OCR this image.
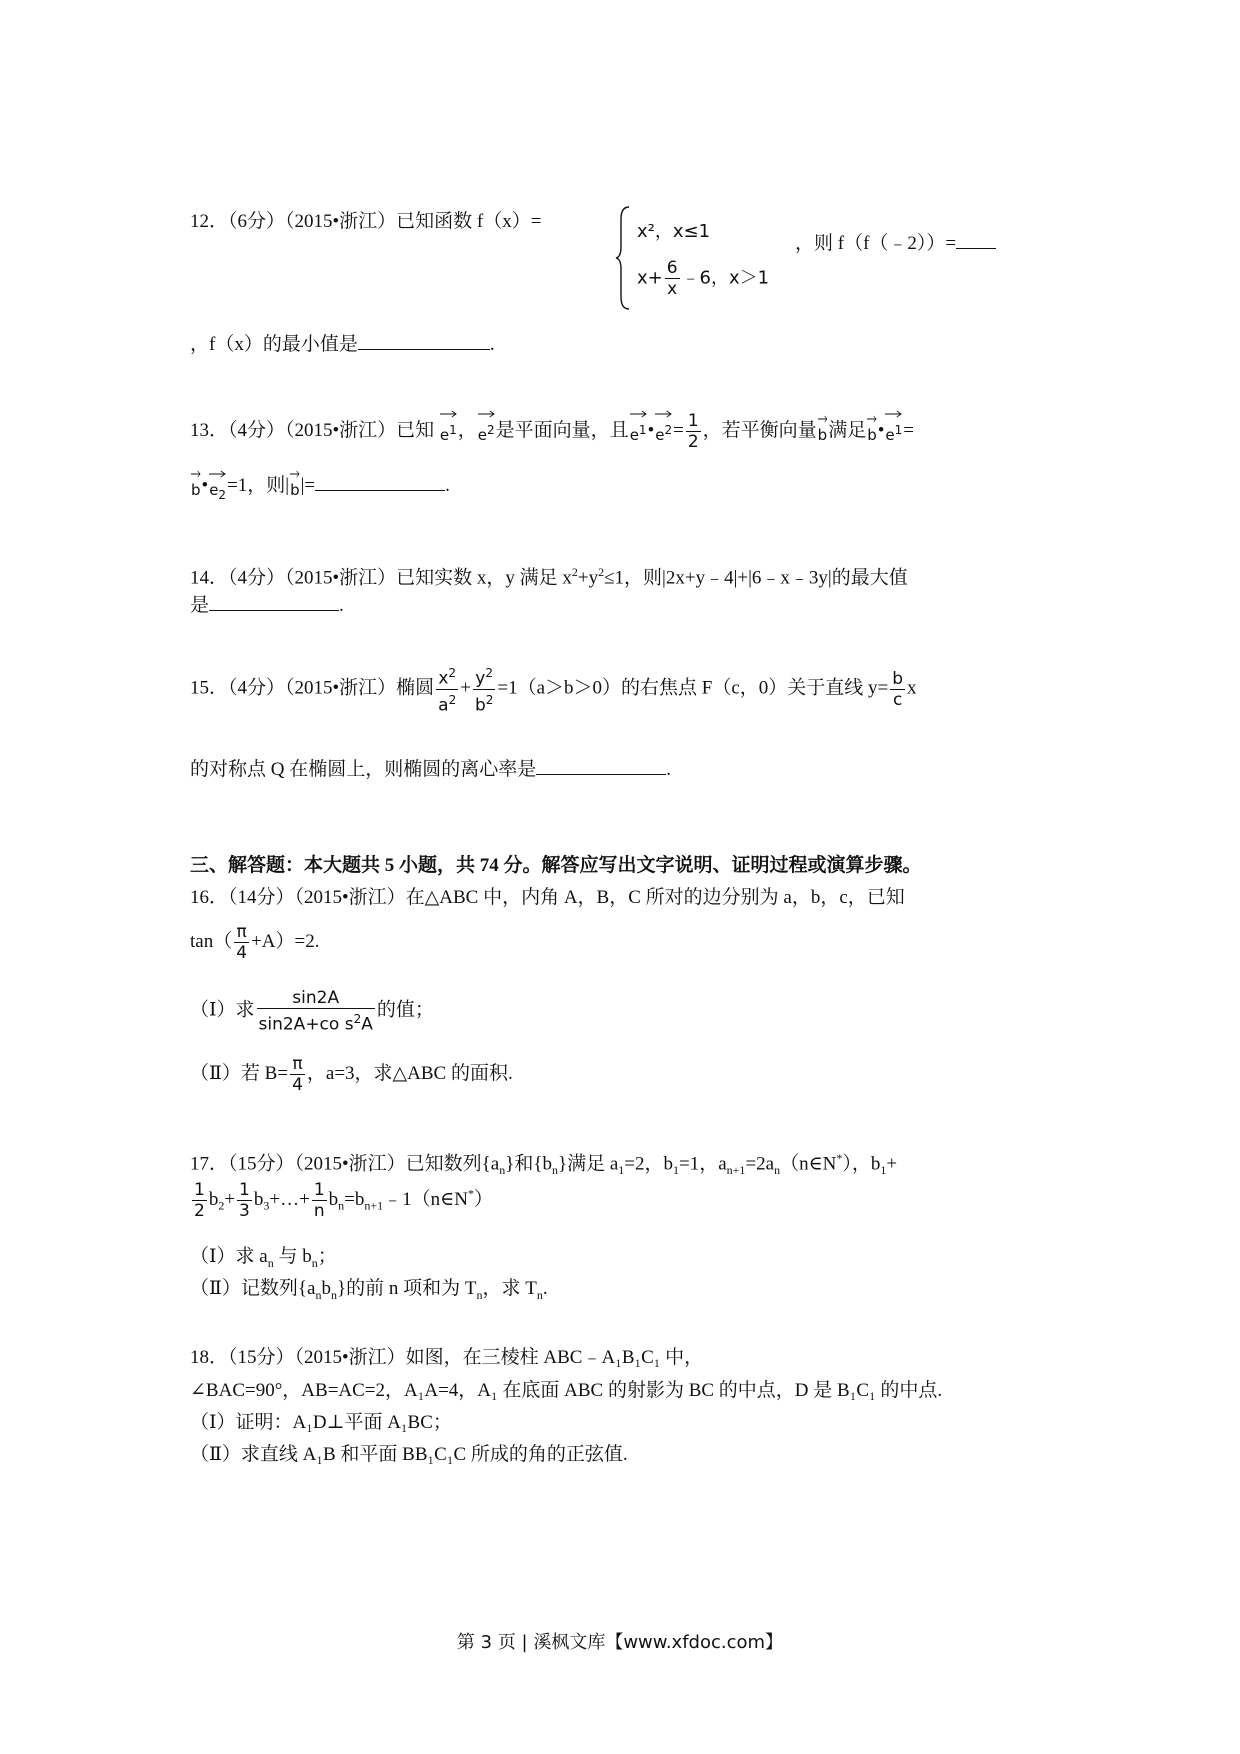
12．（6分）（2015•浙江）已知函数 f（x）=	x²，x≤1
$x+ \frac{6}{x}$ ﹣6，x＞1
，则 f（f（﹣2））=
，f（x）的最小值是	.
13．（4分）（2015•浙江）已知 $e^1$，
$e^2$是平面向量，且
$e^1•$
$e^2= \frac{1}{2}$ ，若平衡向量
b满足
b•
$e^1=$
b•
$e_2=1$，则|
b|=	.
14．（4分）（2015•浙江）已知实数 x，y 满足 $x^2+y^2\le 1$，则|2x+y﹣4|+|6﹣x﹣3y|的最大值
是	.
15．（4分）（2015•浙江）椭圆 $\frac{x^2}{a^2} + \frac{y^2}{b^2} =1(a>b>0)$的右焦点 F（c，0）关于直线 $y= \frac{b}{c}$ x
的对称点 Q 在椭圆上，则椭圆的离心率是	.
三、解答题：本大题共 5 小题，共 74 分。解答应写出文字说明、证明过程或演算步骤。
16．（14分）（2015•浙江）在△ABC 中，内角 A，B，C 所对的边分别为 a，b，c，已知
$\tan( \frac{\pi}{4} +A)=2$.
（Ⅰ）求 $\frac{\sin 2A}{\sin 2A+co s^2A}$ 的值；
（Ⅱ）若 $B= \frac{\pi}{4}$ ，a=3，求△ABC 的面积.
17．（15分）（2015•浙江）已知数列$\{a_n\}$和$\{b_n\}$满足 $a_1=2$，$b_1=1$，$a_{n+1}=2a_n(n\in N^*)$，$b_1+$
$\frac{1}{2} b_2+ \frac{1}{3}$ $b_3+\dots+ \frac{1}{n}$ $b_n=b_{n+1}﹣1(n\in N^*)$
（Ⅰ）求 $a_n$ 与 $b_n$；
（Ⅱ）记数列$\{a_nb_n\}$的前 n 项和为 $T_n$，求 $T_n$.
18．（15分）（2015•浙江）如图，在三棱柱 ABC﹣A₁B₁C₁ 中，
∠BAC=90°，AB=AC=2，A₁A=4，A₁ 在底面 ABC 的射影为 BC 的中点，D 是 B₁C₁ 的中点.
（Ⅰ）证明：A₁D⊥平面 A₁BC；
（Ⅱ）求直线 A₁B 和平面 BB₁C₁C 所成的角的正弦值.
第 3 页 | 溪枫文库【www.xfdoc.com】
